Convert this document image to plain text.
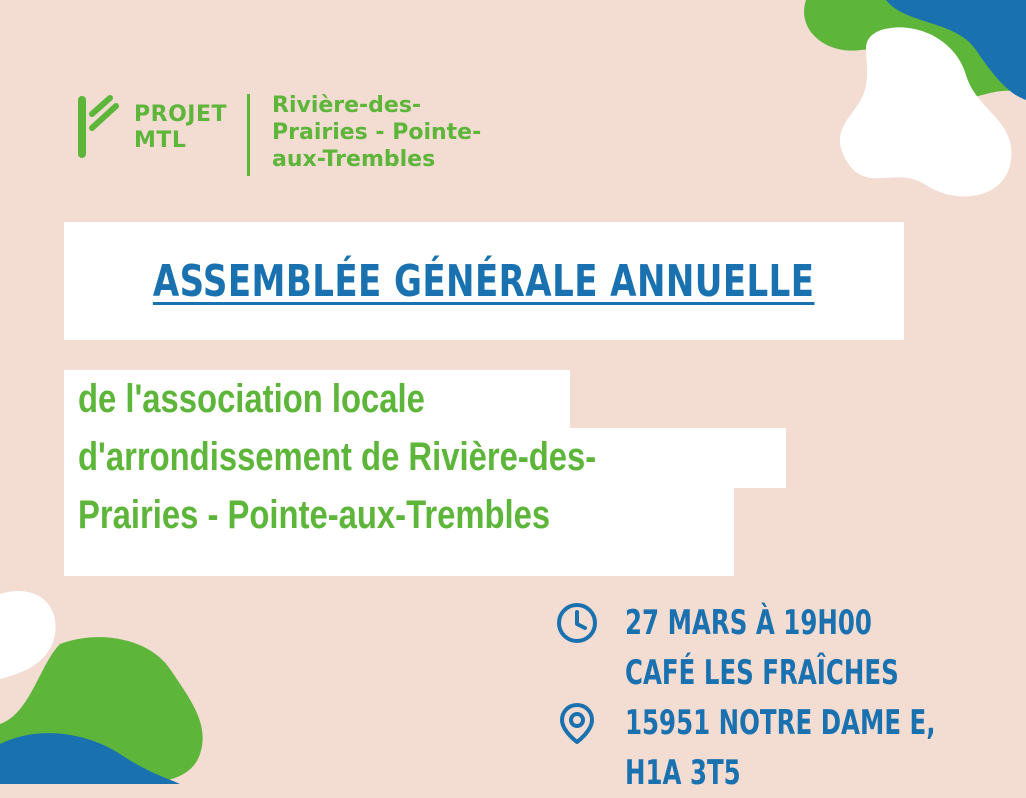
PROJET
MTL
Rivière-des-
Prairies - Pointe-
aux-Trembles
ASSEMBLÉE GÉNÉRALE ANNUELLE
Prairies - Pointe-aux-Trembles
d'arrondissement de Rivière-des-
de l'association locale
27 MARS À 19H00
CAFÉ LES FRAÎCHES
15951 NOTRE DAME E,
H1A 3T5
